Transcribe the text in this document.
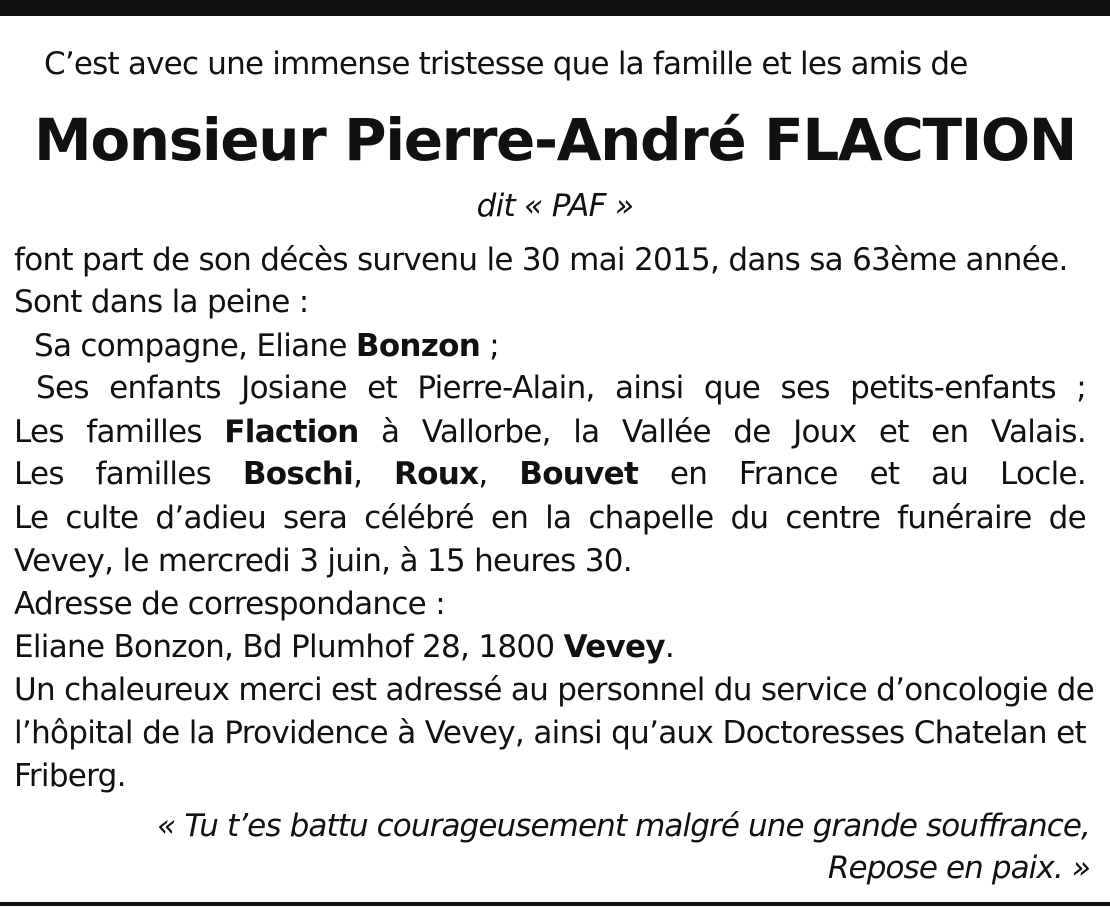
C’est avec une immense tristesse que la famille et les amis de
Monsieur Pierre-André FLACTION
dit « PAF »
font part de son décès survenu le 30 mai 2015, dans sa 63ème année.
Sont dans la peine :
Sa compagne, Eliane Bonzon ;
Ses enfants Josiane et Pierre-Alain, ainsi que ses petits-enfants ;
Les familles Flaction à Vallorbe, la Vallée de Joux et en Valais.
Les familles Boschi, Roux, Bouvet en France et au Locle.
Le culte d’adieu sera célébré en la chapelle du centre funéraire de
Vevey, le mercredi 3 juin, à 15 heures 30.
Adresse de correspondance :
Eliane Bonzon, Bd Plumhof 28, 1800 Vevey.
Un chaleureux merci est adressé au personnel du service d’oncologie de
l’hôpital de la Providence à Vevey, ainsi qu’aux Doctoresses Chatelan et
Friberg.
« Tu t’es battu courageusement malgré une grande souffrance,
Repose en paix. »
